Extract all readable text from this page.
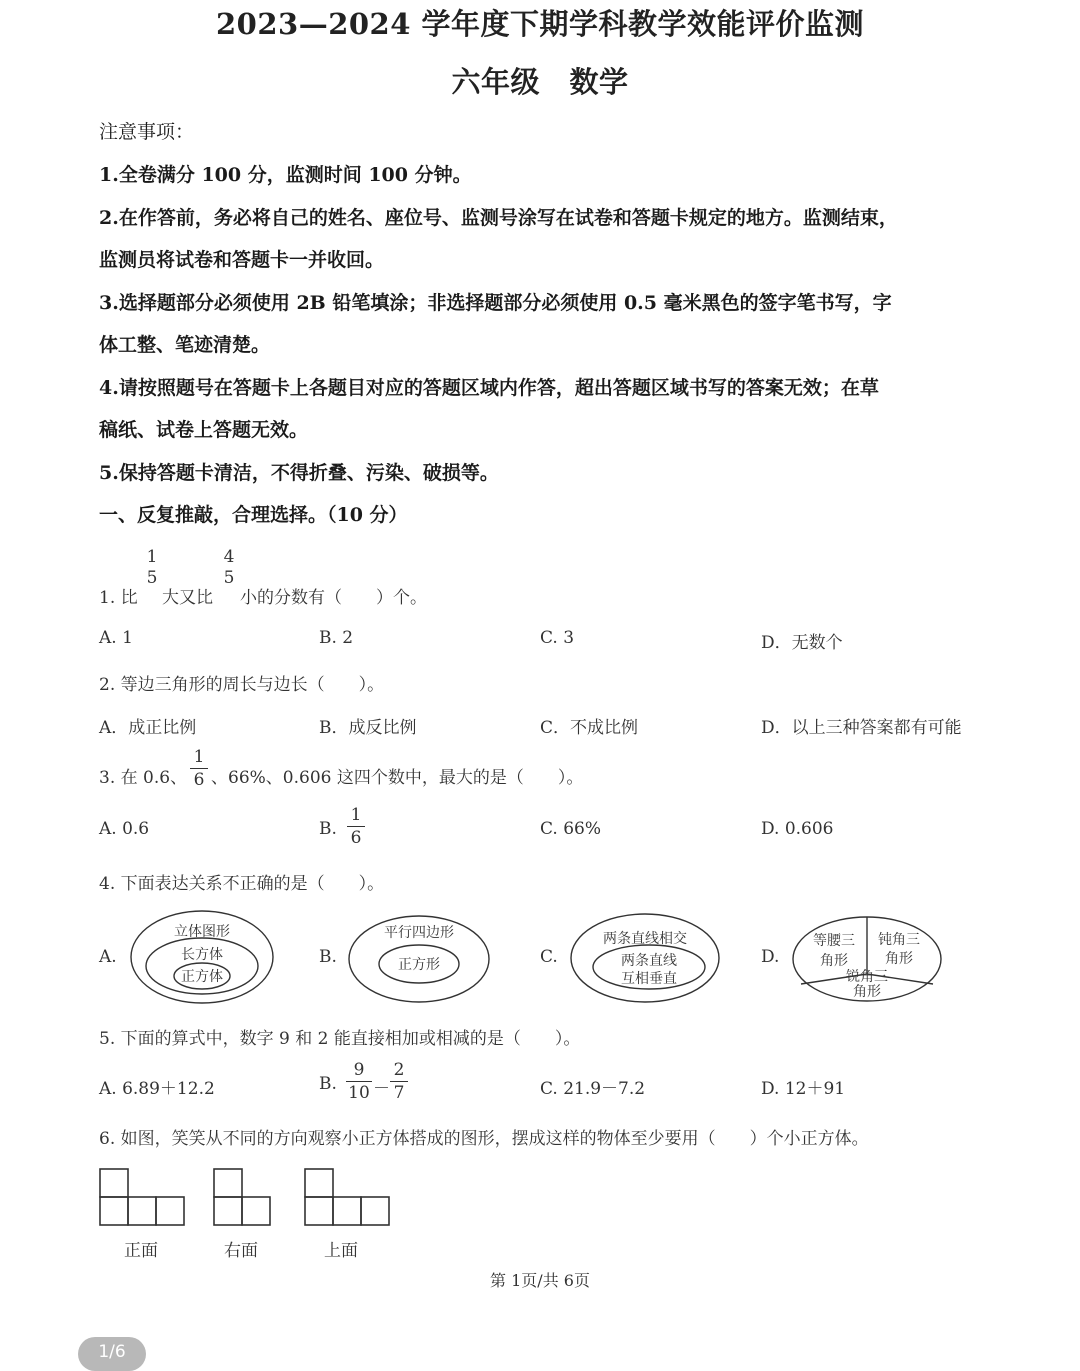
2023—2024 学年度下期学科教学效能评价监测
六年级　数学
注意事项：
1.全卷满分 100 分，监测时间 100 分钟。
2.在作答前，务必将自己的姓名、座位号、监测号涂写在试卷和答题卡规定的地方。监测结束，
监测员将试卷和答题卡一并收回。
3.选择题部分必须使用 2B 铅笔填涂；非选择题部分必须使用 0.5 毫米黑色的签字笔书写，字
体工整、笔迹清楚。
4.请按照题号在答题卡上各题目对应的答题区域内作答，超出答题区域书写的答案无效；在草
稿纸、试卷上答题无效。
5.保持答题卡清洁，不得折叠、污染、破损等。
一、反复推敲，合理选择。（10 分）
1. 比
1
5
大又比
4
5
小的分数有（　　）个。
A. 1	B. 2	C. 3	D．无数个
2. 等边三角形的周长与边长（　　）。
A．成正比例	B．成反比例	C．不成比例	D．以上三种答案都有可能
3. 在 0.6、
1
6 、66%、0.606 这四个数中，最大的是（　　）。
A. 0.6	B.
1
6	C. 66%	D. 0.606
4. 下面表达关系不正确的是（　　）。
A.	B.	C.	D.
立体图形
长方体
正方体
平行四边形
正方形
两条直线相交
两条直线
互相垂直
等腰三
角形
钝角三
角形
锐角三
角形
5. 下面的算式中，数字 9 和 2 能直接相加或相减的是（　　）。
A. 6.89＋12.2	B.
9
10 －
2
7	C. 21.9－7.2	D. 12＋91
6. 如图，笑笑从不同的方向观察小正方体搭成的图形，摆成这样的物体至少要用（　　）个小正方体。
正面	右面	上面
第 1页/共 6页
1/6
